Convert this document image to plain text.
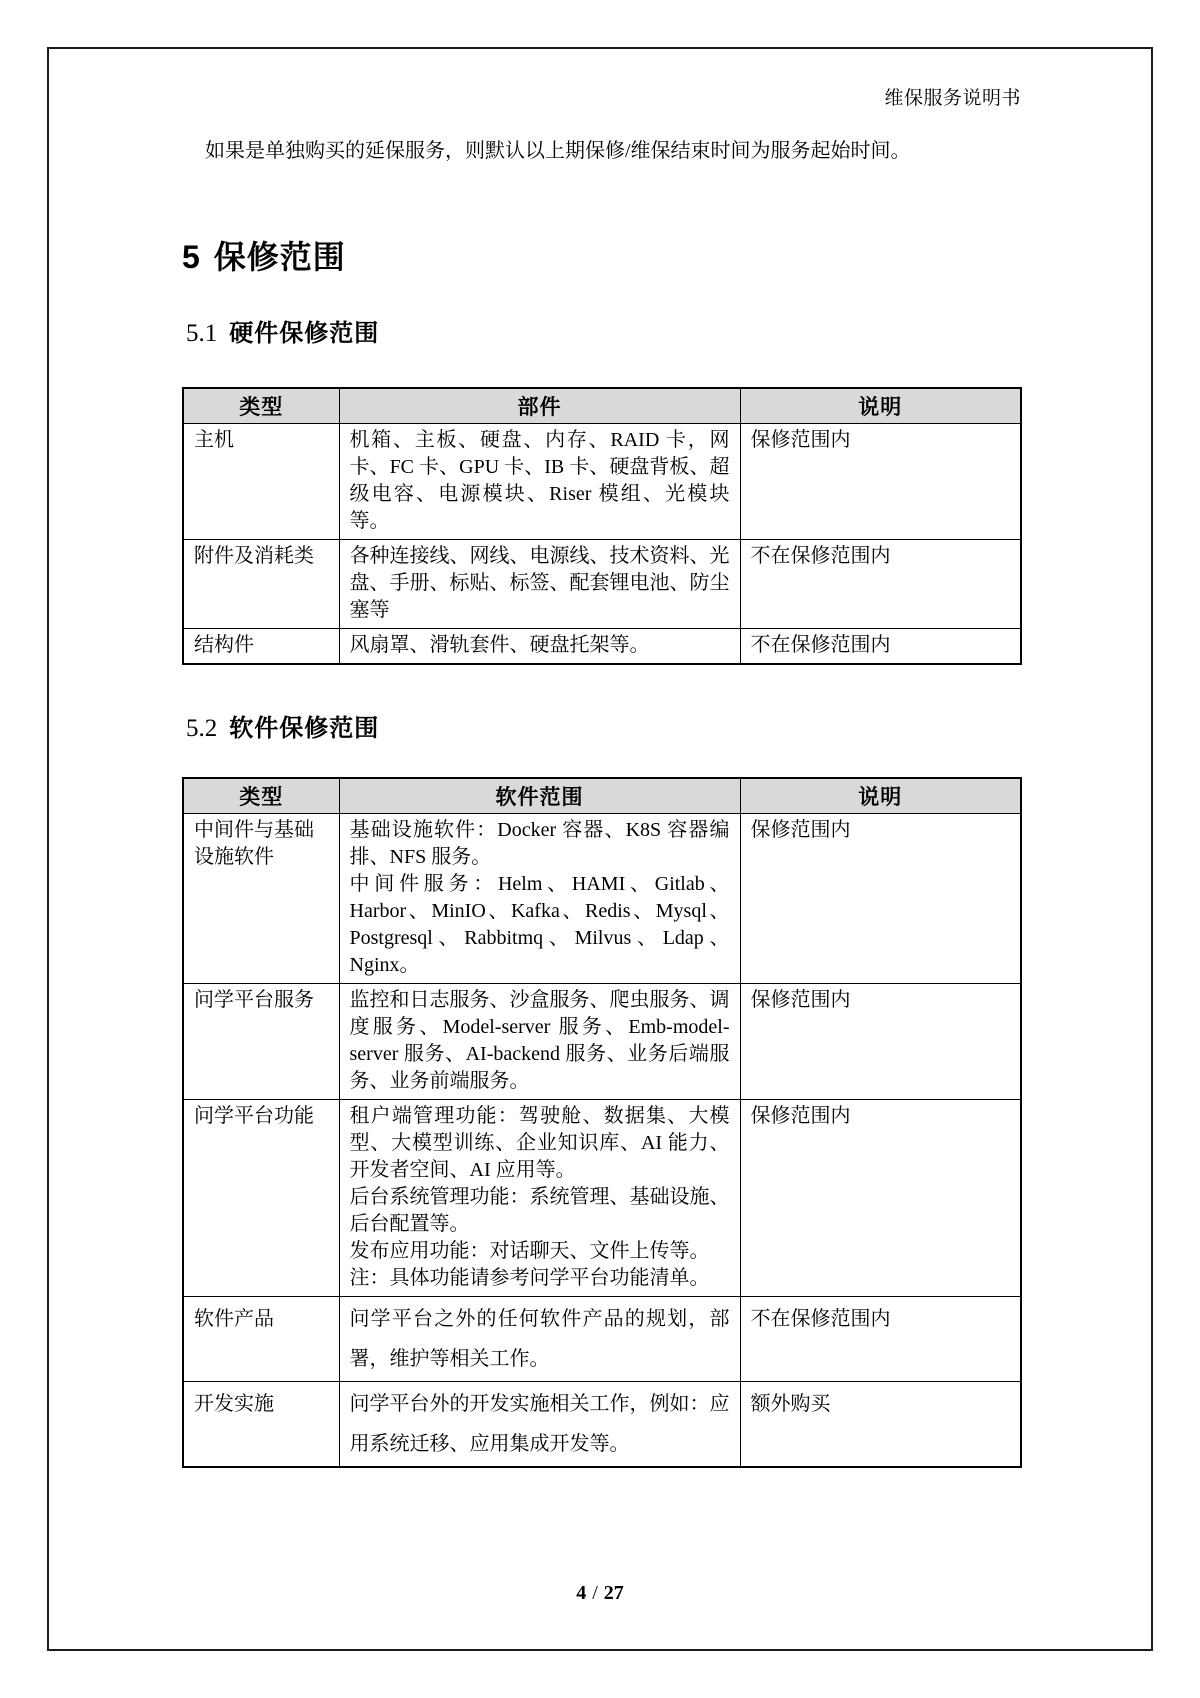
维保服务说明书

如果是单独购买的延保服务，则默认以上期保修/维保结束时间为服务起始时间。

5 保修范围
5.1 硬件保修范围
类型	部件	说明
主机	机箱、主板、硬盘、内存、RAID 卡，网卡、FC 卡、GPU 卡、IB 卡、硬盘背板、超级电容、电源模块、Riser 模组、光模块等。	保修范围内
附件及消耗类	各种连接线、网线、电源线、技术资料、光盘、手册、标贴、标签、配套锂电池、防尘塞等	不在保修范围内
结构件	风扇罩、滑轨套件、硬盘托架等。	不在保修范围内
5.2 软件保修范围
类型	软件范围	说明
中间件与基础设施软件	基础设施软件：Docker 容器、K8S 容器编排、NFS 服务。
中间件服务：Helm、HAMI、Gitlab、Harbor、MinIO、Kafka、Redis、Mysql、Postgresql、Rabbitmq、Milvus、Ldap、Nginx。	保修范围内
问学平台服务	监控和日志服务、沙盒服务、爬虫服务、调度服务、Model-server 服务、Emb-model-server 服务、AI-backend 服务、业务后端服务、业务前端服务。	保修范围内
问学平台功能	租户端管理功能：驾驶舱、数据集、大模型、大模型训练、企业知识库、AI 能力、开发者空间、AI 应用等。
后台系统管理功能：系统管理、基础设施、后台配置等。
发布应用功能：对话聊天、文件上传等。
注：具体功能请参考问学平台功能清单。	保修范围内
软件产品	问学平台之外的任何软件产品的规划，部署，维护等相关工作。	不在保修范围内
开发实施	问学平台外的开发实施相关工作，例如：应用系统迁移、应用集成开发等。	额外购买
4 / 27
